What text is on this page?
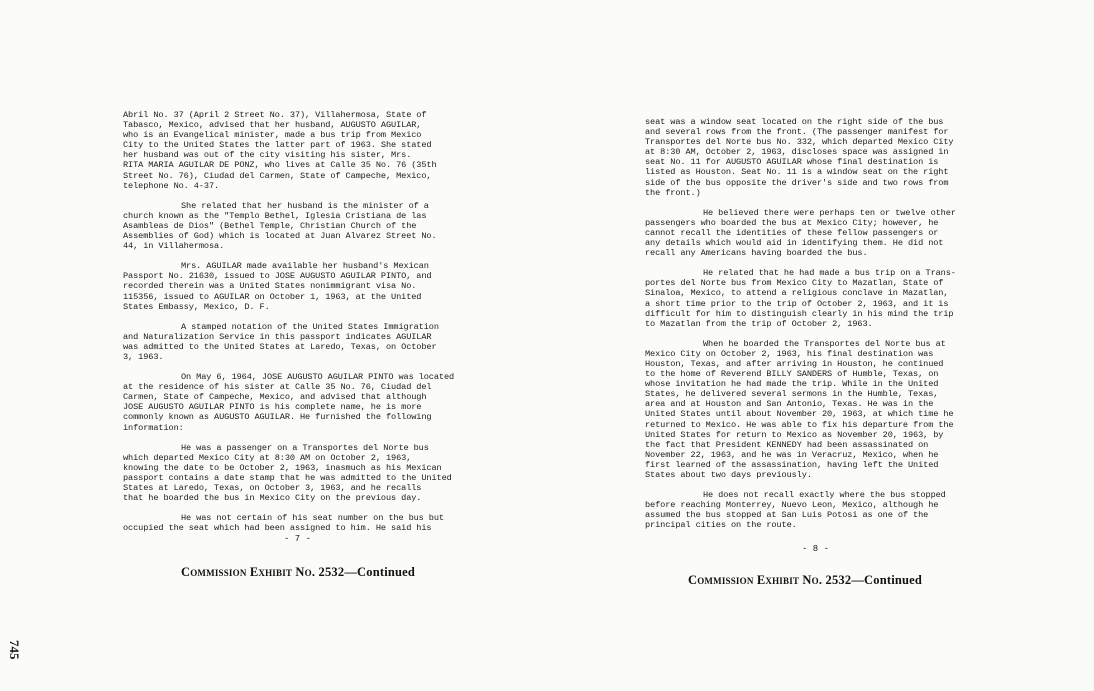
Abril No. 37 (April 2 Street No. 37), Villahermosa, State of
Tabasco, Mexico, advised that her husband, AUGUSTO AGUILAR,
who is an Evangelical minister, made a bus trip from Mexico
City to the United States the latter part of 1963. She stated
her husband was out of the city visiting his sister, Mrs.
RITA MARIA AGUILAR DE PONZ, who lives at Calle 35 No. 76 (35th
Street No. 76), Ciudad del Carmen, State of Campeche, Mexico,
telephone No. 4-37.

She related that her husband is the minister of a
church known as the "Templo Bethel, Iglesia Cristiana de las
Asambleas de Dios" (Bethel Temple, Christian Church of the
Assemblies of God) which is located at Juan Alvarez Street No.
44, in Villahermosa.

Mrs. AGUILAR made available her husband's Mexican
Passport No. 21630, issued to JOSE AUGUSTO AGUILAR PINTO, and
recorded therein was a United States nonimmigrant visa No.
115356, issued to AGUILAR on October 1, 1963, at the United
States Embassy, Mexico, D. F.

A stamped notation of the United States Immigration
and Naturalization Service in this passport indicates AGUILAR
was admitted to the United States at Laredo, Texas, on October
3, 1963.

On May 6, 1964, JOSE AUGUSTO AGUILAR PINTO was located
at the residence of his sister at Calle 35 No. 76, Ciudad del
Carmen, State of Campeche, Mexico, and advised that although
JOSE AUGUSTO AGUILAR PINTO is his complete name, he is more
commonly known as AUGUSTO AGUILAR. He furnished the following
information:

He was a passenger on a Transportes del Norte bus
which departed Mexico City at 8:30 AM on October 2, 1963,
knowing the date to be October 2, 1963, inasmuch as his Mexican
passport contains a date stamp that he was admitted to the United
States at Laredo, Texas, on October 3, 1963, and he recalls
that he boarded the bus in Mexico City on the previous day.

He was not certain of his seat number on the bus but
occupied the seat which had been assigned to him. He said his

- 7 -
Commission Exhibit No. 2532—Continued

seat was a window seat located on the right side of the bus
and several rows from the front. (The passenger manifest for
Transportes del Norte bus No. 332, which departed Mexico City
at 8:30 AM, October 2, 1963, discloses space was assigned in
seat No. 11 for AUGUSTO AGUILAR whose final destination is
listed as Houston. Seat No. 11 is a window seat on the right
side of the bus opposite the driver's side and two rows from
the front.)

He believed there were perhaps ten or twelve other
passengers who boarded the bus at Mexico City; however, he
cannot recall the identities of these fellow passengers or
any details which would aid in identifying them. He did not
recall any Americans having boarded the bus.

He related that he had made a bus trip on a Trans-
portes del Norte bus from Mexico City to Mazatlan, State of
Sinaloa, Mexico, to attend a religious conclave in Mazatlan,
a short time prior to the trip of October 2, 1963, and it is
difficult for him to distinguish clearly in his mind the trip
to Mazatlan from the trip of October 2, 1963.

When he boarded the Transportes del Norte bus at
Mexico City on October 2, 1963, his final destination was
Houston, Texas, and after arriving in Houston, he continued
to the home of Reverend BILLY SANDERS of Humble, Texas, on
whose invitation he had made the trip. While in the United
States, he delivered several sermons in the Humble, Texas,
area and at Houston and San Antonio, Texas. He was in the
United States until about November 20, 1963, at which time he
returned to Mexico. He was able to fix his departure from the
United States for return to Mexico as November 20, 1963, by
the fact that President KENNEDY had been assassinated on
November 22, 1963, and he was in Veracruz, Mexico, when he
first learned of the assassination, having left the United
States about two days previously.

He does not recall exactly where the bus stopped
before reaching Monterrey, Nuevo Leon, Mexico, although he
assumed the bus stopped at San Luis Potosi as one of the
principal cities on the route.

- 8 -
Commission Exhibit No. 2532—Continued
745
